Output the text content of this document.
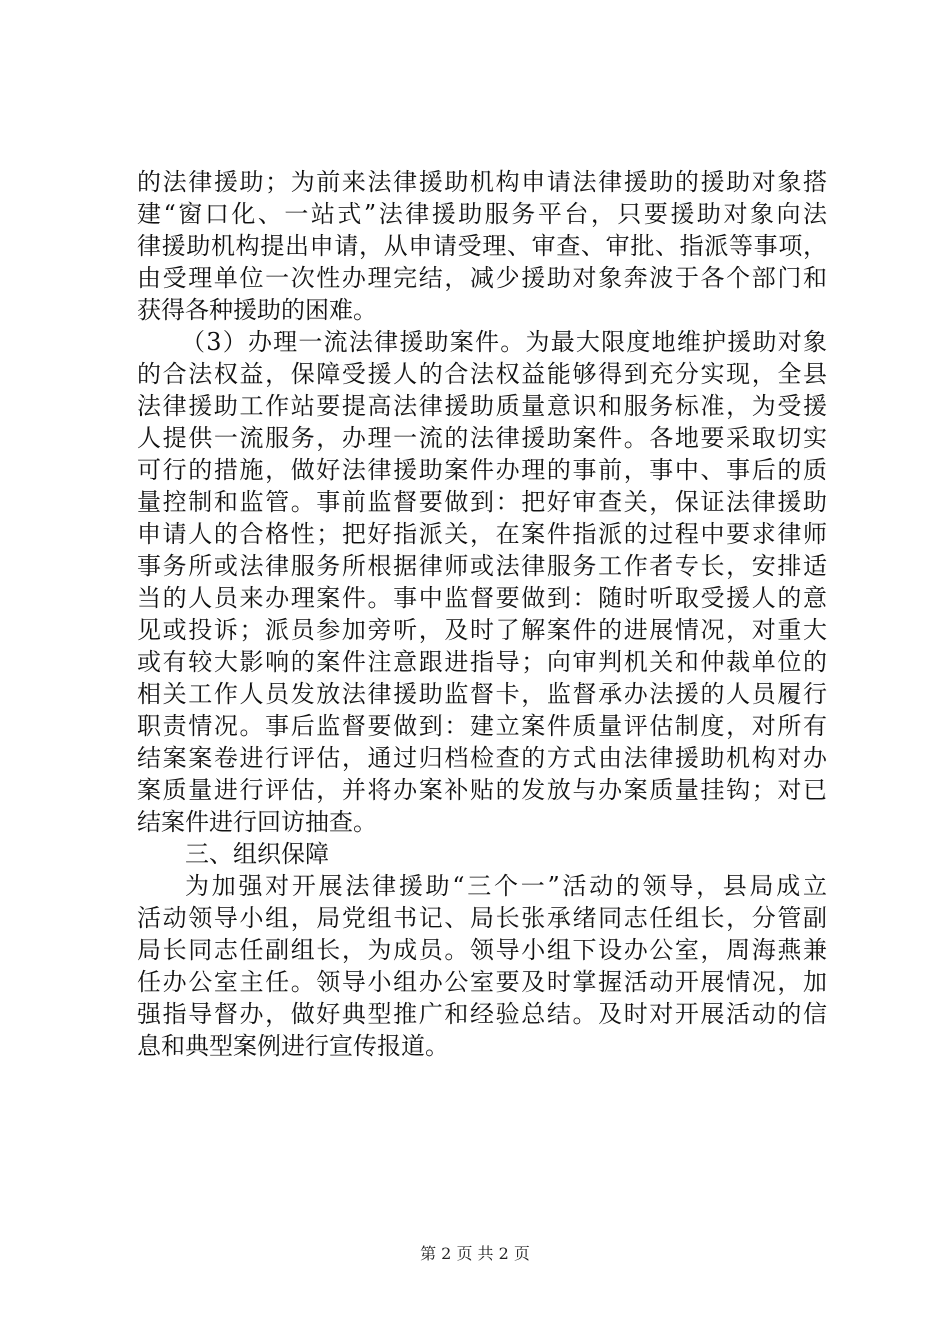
的法律援助；为前来法律援助机构申请法律援助的援助对象搭
建“窗口化、一站式”法律援助服务平台，只要援助对象向法
律援助机构提出申请，从申请受理、审查、审批、指派等事项，
由受理单位一次性办理完结，减少援助对象奔波于各个部门和
获得各种援助的困难。
（3）办理一流法律援助案件。为最大限度地维护援助对象
的合法权益，保障受援人的合法权益能够得到充分实现，全县
法律援助工作站要提高法律援助质量意识和服务标准，为受援
人提供一流服务，办理一流的法律援助案件。各地要采取切实
可行的措施，做好法律援助案件办理的事前，事中、事后的质
量控制和监管。事前监督要做到：把好审查关，保证法律援助
申请人的合格性；把好指派关，在案件指派的过程中要求律师
事务所或法律服务所根据律师或法律服务工作者专长，安排适
当的人员来办理案件。事中监督要做到：随时听取受援人的意
见或投诉；派员参加旁听，及时了解案件的进展情况，对重大
或有较大影响的案件注意跟进指导；向审判机关和仲裁单位的
相关工作人员发放法律援助监督卡，监督承办法援的人员履行
职责情况。事后监督要做到：建立案件质量评估制度，对所有
结案案卷进行评估，通过归档检查的方式由法律援助机构对办
案质量进行评估，并将办案补贴的发放与办案质量挂钩；对已
结案件进行回访抽查。
三、组织保障
为加强对开展法律援助“三个一”活动的领导，县局成立
活动领导小组，局党组书记、局长张承绪同志任组长，分管副
局长同志任副组长，为成员。领导小组下设办公室，周海燕兼
任办公室主任。领导小组办公室要及时掌握活动开展情况，加
强指导督办，做好典型推广和经验总结。及时对开展活动的信
息和典型案例进行宣传报道。
第 2 页 共 2 页
